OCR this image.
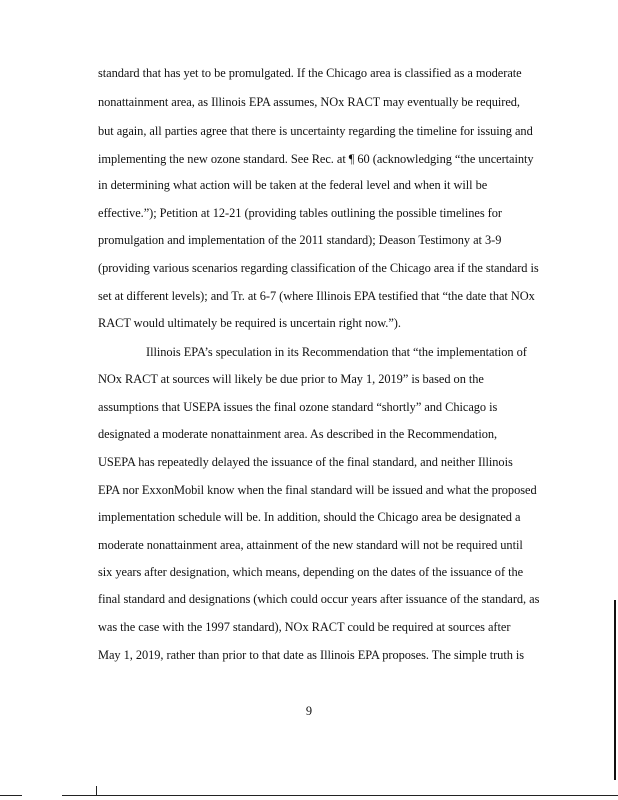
standard that has yet to be promulgated. If the Chicago area is classified as a moderate
nonattainment area, as Illinois EPA assumes, NOx RACT may eventually be required,
but again, all parties agree that there is uncertainty regarding the timeline for issuing and
implementing the new ozone standard. See Rec. at ¶ 60 (acknowledging “the uncertainty
in determining what action will be taken at the federal level and when it will be
effective.”); Petition at 12-21 (providing tables outlining the possible timelines for
promulgation and implementation of the 2011 standard); Deason Testimony at 3-9
(providing various scenarios regarding classification of the Chicago area if the standard is
set at different levels); and Tr. at 6-7 (where Illinois EPA testified that “the date that NOx
RACT would ultimately be required is uncertain right now.”).
Illinois EPA’s speculation in its Recommendation that “the implementation of
NOx RACT at sources will likely be due prior to May 1, 2019” is based on the
assumptions that USEPA issues the final ozone standard “shortly” and Chicago is
designated a moderate nonattainment area. As described in the Recommendation,
USEPA has repeatedly delayed the issuance of the final standard, and neither Illinois
EPA nor ExxonMobil know when the final standard will be issued and what the proposed
implementation schedule will be. In addition, should the Chicago area be designated a
moderate nonattainment area, attainment of the new standard will not be required until
six years after designation, which means, depending on the dates of the issuance of the
final standard and designations (which could occur years after issuance of the standard, as
was the case with the 1997 standard), NOx RACT could be required at sources after
May 1, 2019, rather than prior to that date as Illinois EPA proposes. The simple truth is
9
